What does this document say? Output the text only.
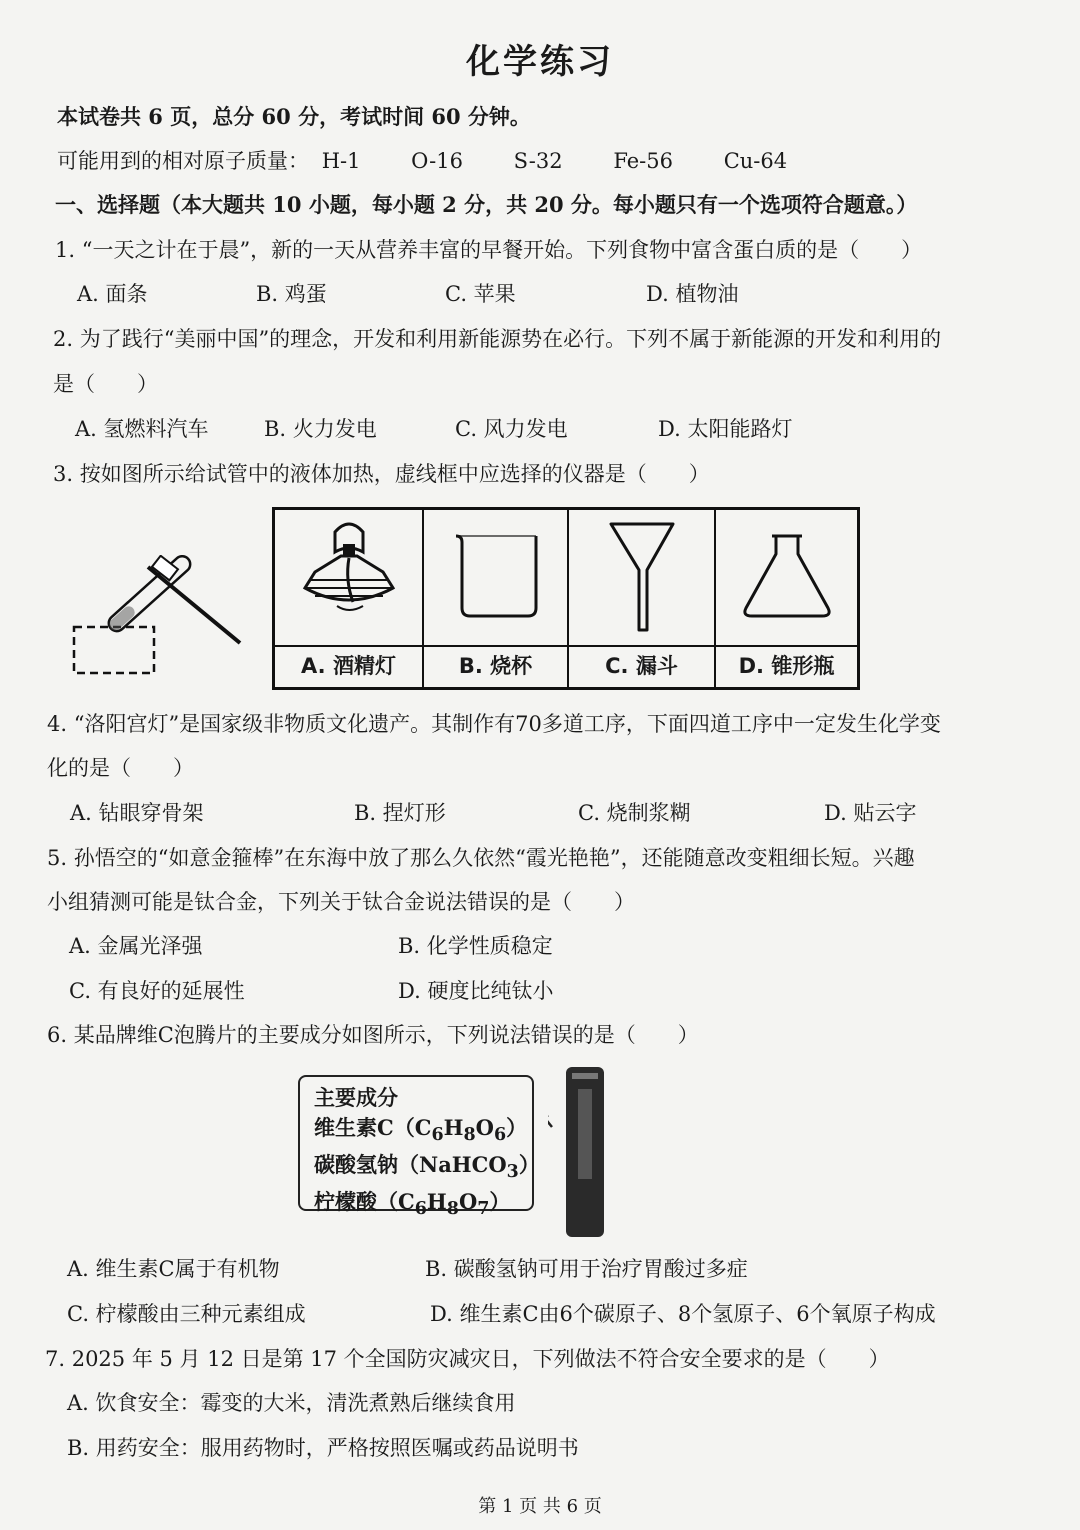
化学练习
本试卷共 6 页，总分 60 分，考试时间 60 分钟。
可能用到的相对原子质量： H-1 O-16 S-32 Fe-56 Cu-64
一、选择题（本大题共 10 小题，每小题 2 分，共 20 分。每小题只有一个选项符合题意。）
1. “一天之计在于晨”，新的一天从营养丰富的早餐开始。下列食物中富含蛋白质的是（　　）
A. 面条	B. 鸡蛋	C. 苹果	D. 植物油
2. 为了践行“美丽中国”的理念，开发和利用新能源势在必行。下列不属于新能源的开发和利用的
是（　　）
A. 氢燃料汽车	B. 火力发电	C. 风力发电	D. 太阳能路灯
3. 按如图所示给试管中的液体加热，虚线框中应选择的仪器是（　　）
A. 酒精灯	B. 烧杯	C. 漏斗	D. 锥形瓶
4. “洛阳宫灯”是国家级非物质文化遗产。其制作有70多道工序，下面四道工序中一定发生化学变
化的是（　　）
A. 钻眼穿骨架	B. 捏灯形	C. 烧制浆糊	D. 贴云字
5. 孙悟空的“如意金箍棒”在东海中放了那么久依然“霞光艳艳”，还能随意改变粗细长短。兴趣
小组猜测可能是钛合金，下列关于钛合金说法错误的是（　　）
A. 金属光泽强	B. 化学性质稳定
C. 有良好的延展性	D. 硬度比纯钛小
6. 某品牌维C泡腾片的主要成分如图所示，下列说法错误的是（　　）
主要成分
维生素$C(C_6H_8O_6)$
碳酸氢钠（NaHCO$_3$）
柠檬酸$(C_6H_8O_7)$
A. 维生素C属于有机物	B. 碳酸氢钠可用于治疗胃酸过多症
C. 柠檬酸由三种元素组成	D. 维生素C由6个碳原子、8个氢原子、6个氧原子构成
7. 2025 年 5 月 12 日是第 17 个全国防灾减灾日，下列做法不符合安全要求的是（　　）
A. 饮食安全：霉变的大米，清洗煮熟后继续食用
B. 用药安全：服用药物时，严格按照医嘱或药品说明书
第 1 页 共 6 页
